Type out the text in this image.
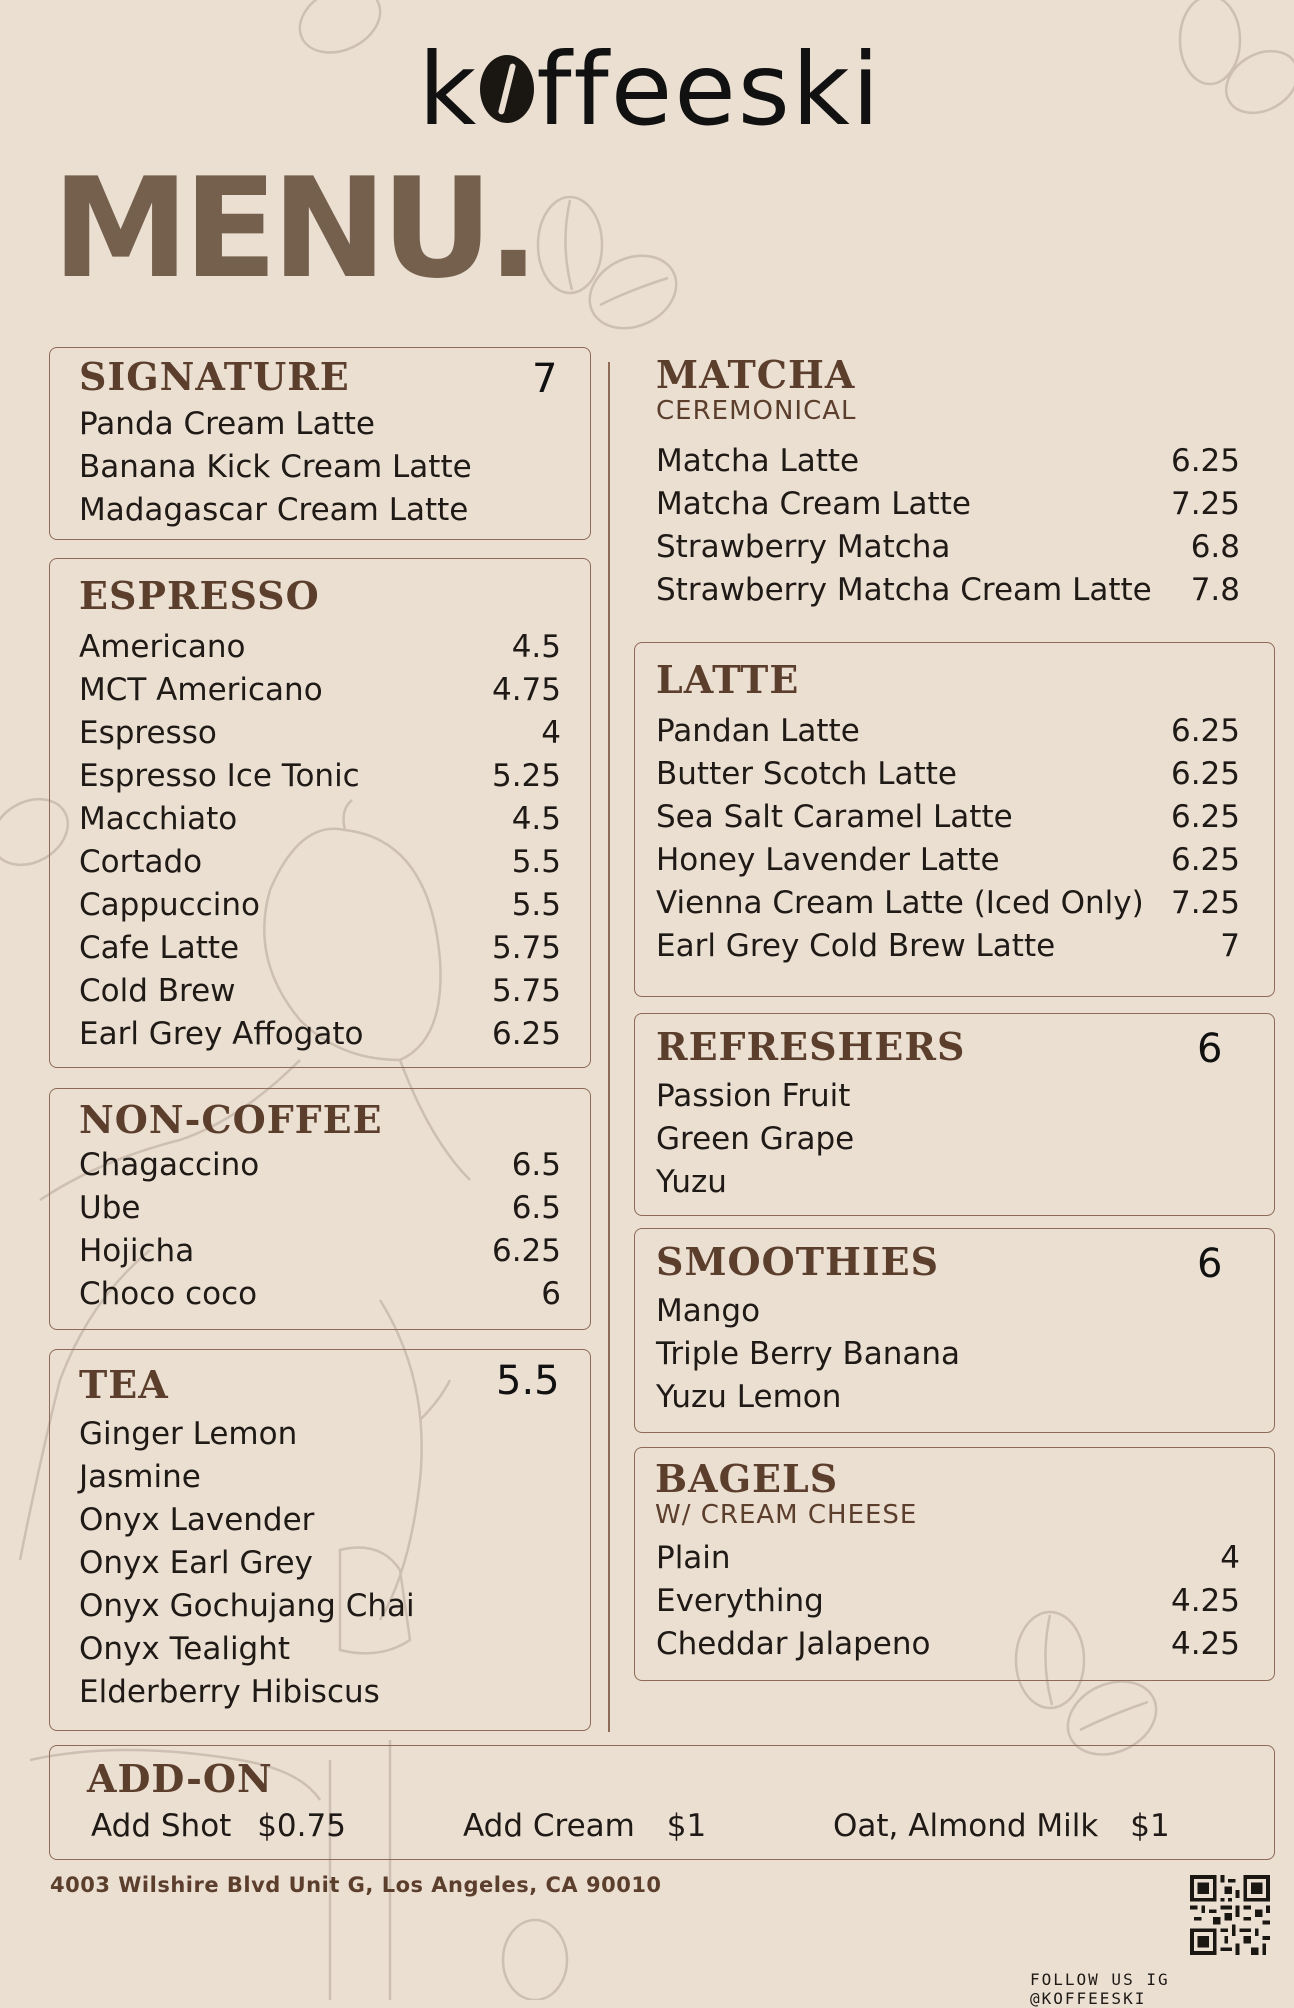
k ffeeski
MENU.
SIGNATURE	7
Panda Cream Latte
Banana Kick Cream Latte
Madagascar Cream Latte
ESPRESSO
Americano	4.5
MCT Americano	4.75
Espresso	4
Espresso Ice Tonic	5.25
Macchiato	4.5
Cortado	5.5
Cappuccino	5.5
Cafe Latte	5.75
Cold Brew	5.75
Earl Grey Affogato	6.25
NON-COFFEE
Chagaccino	6.5
Ube	6.5
Hojicha	6.25
Choco coco	6
TEA	5.5
Ginger Lemon
Jasmine
Onyx Lavender
Onyx Earl Grey
Onyx Gochujang Chai
Onyx Tealight
Elderberry Hibiscus
MATCHA
CEREMONICAL
Matcha Latte	6.25
Matcha Cream Latte	7.25
Strawberry Matcha	6.8
Strawberry Matcha Cream Latte 7.8
LATTE
Pandan Latte	6.25
Butter Scotch Latte	6.25
Sea Salt Caramel Latte	6.25
Honey Lavender Latte	6.25
Vienna Cream Latte (Iced Only) 7.25
Earl Grey Cold Brew Latte	7
REFRESHERS	6
Passion Fruit
Green Grape
Yuzu
SMOOTHIES	6
Mango
Triple Berry Banana
Yuzu Lemon
BAGELS
W/ CREAM CHEESE
Plain	4
Everything	4.25
Cheddar Jalapeno	4.25
ADD-ON
Add Shot $0.75	Add Cream $1	Oat, Almond Milk $1
4003 Wilshire Blvd Unit G, Los Angeles, CA 90010
FOLLOW US IG @KOFFEESKI
